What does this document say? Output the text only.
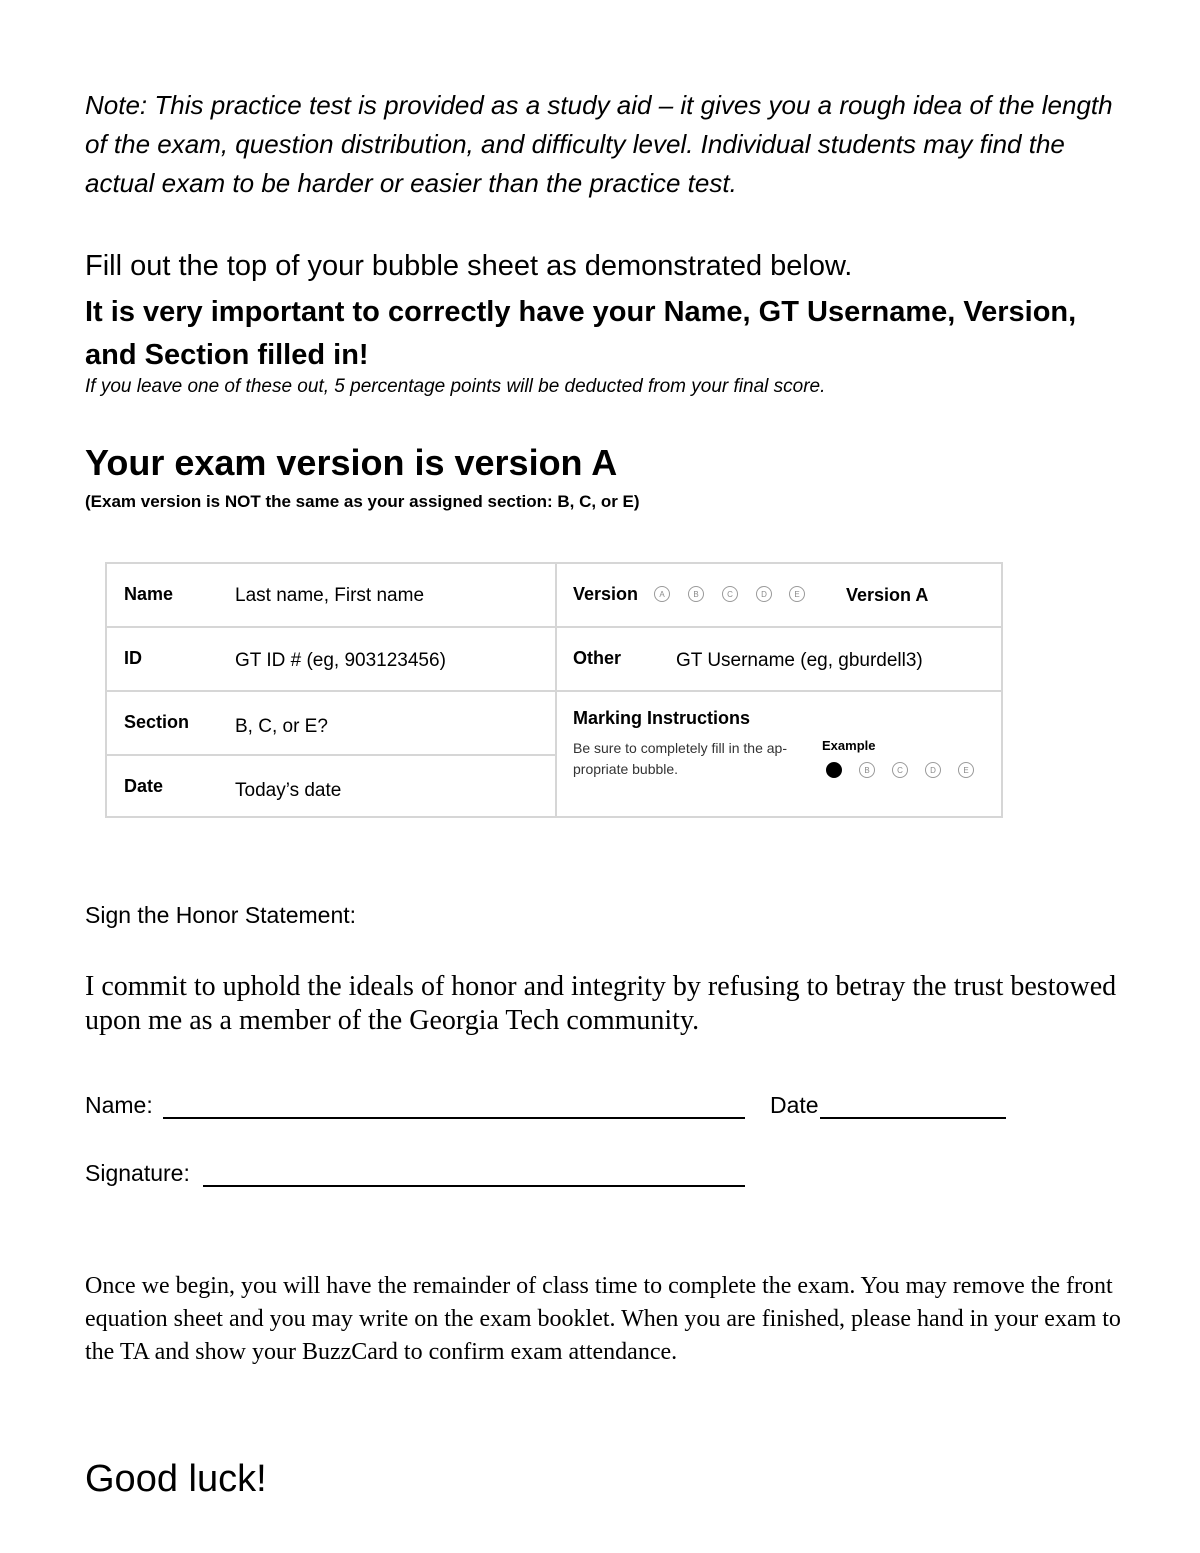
Note: This practice test is provided as a study aid – it gives you a rough idea of the length of the exam, question distribution, and difficulty level. Individual students may find the actual exam to be harder or easier than the practice test.
Fill out the top of your bubble sheet as demonstrated below.
It is very important to correctly have your Name, GT Username, Version, and Section filled in!
If you leave one of these out, 5 percentage points will be deducted from your final score.
Your exam version is version A
(Exam version is NOT the same as your assigned section: B, C, or E)
Name	Last name, First name
ID	GT ID # (eg, 903123456)
Section B, C, or E?
Date	Today’s date
Version	A	B	C	D	E	Version A
Other	GT Username (eg, gburdell3)
Marking Instructions
Be sure to completely fill in the ap- propriate bubble.
Example
B	C	D	E
Sign the Honor Statement:
I commit to uphold the ideals of honor and integrity by refusing to betray the trust bestowed upon me as a member of the Georgia Tech community.
Name:	Date
Signature:
Once we begin, you will have the remainder of class time to complete the exam. You may remove the front equation sheet and you may write on the exam booklet. When you are finished, please hand in your exam to the TA and show your BuzzCard to confirm exam attendance.
Good luck!
